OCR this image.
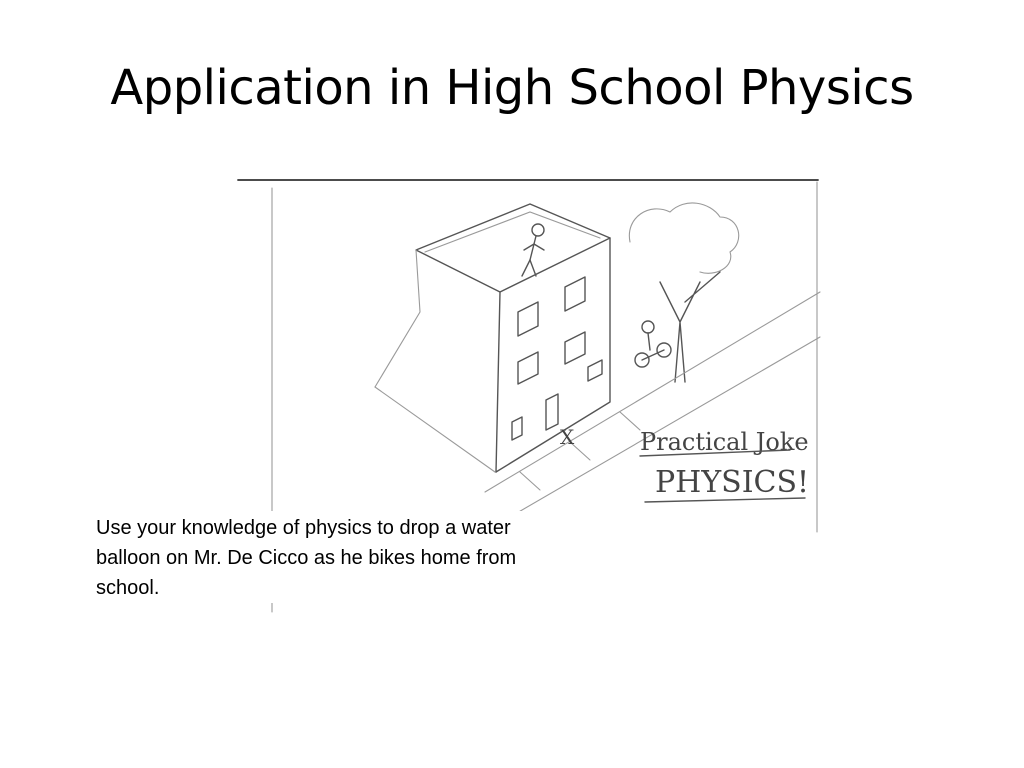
Application in High School Physics
X	Practical Joke
PHYSICS!
Use your knowledge of physics to drop a water balloon on Mr. De Cicco as he bikes home from school.
